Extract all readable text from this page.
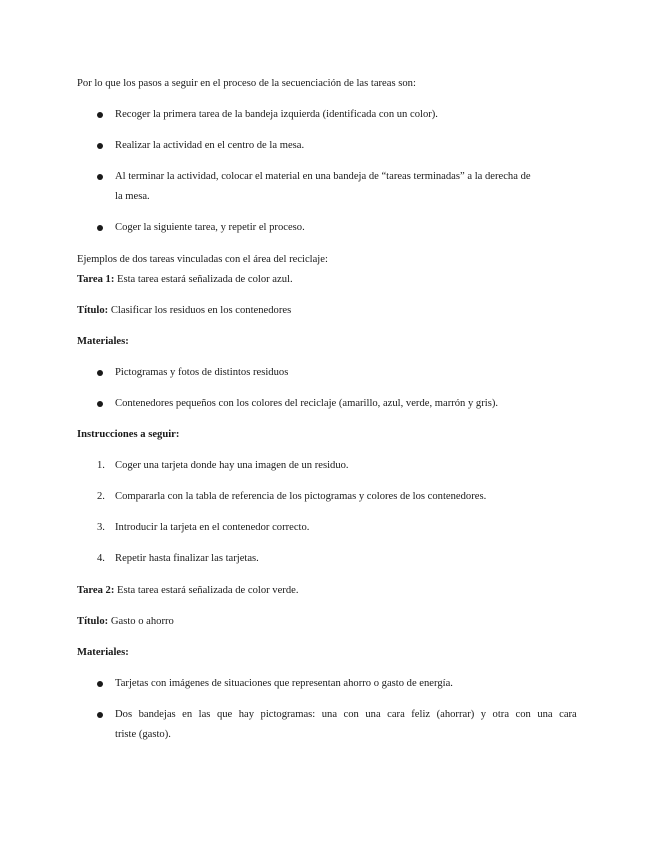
Por lo que los pasos a seguir en el proceso de la secuenciación de las tareas son:
Recoger la primera tarea de la bandeja izquierda (identificada con un color).
Realizar la actividad en el centro de la mesa.
Al terminar la actividad, colocar el material en una bandeja de “tareas terminadas” a la derecha de
la mesa.
Coger la siguiente tarea, y repetir el proceso.
Ejemplos de dos tareas vinculadas con el área del reciclaje:
Tarea 1: Esta tarea estará señalizada de color azul.
Título: Clasificar los residuos en los contenedores
Materiales:
Pictogramas y fotos de distintos residuos
Contenedores pequeños con los colores del reciclaje (amarillo, azul, verde, marrón y gris).
Instrucciones a seguir:
1. Coger una tarjeta donde hay una imagen de un residuo.
2. Compararla con la tabla de referencia de los pictogramas y colores de los contenedores.
3. Introducir la tarjeta en el contenedor correcto.
4. Repetir hasta finalizar las tarjetas.
Tarea 2: Esta tarea estará señalizada de color verde.
Título: Gasto o ahorro
Materiales:
Tarjetas con imágenes de situaciones que representan ahorro o gasto de energía.
Dos bandejas en las que hay pictogramas: una con una cara feliz (ahorrar) y otra con una cara
triste (gasto).
